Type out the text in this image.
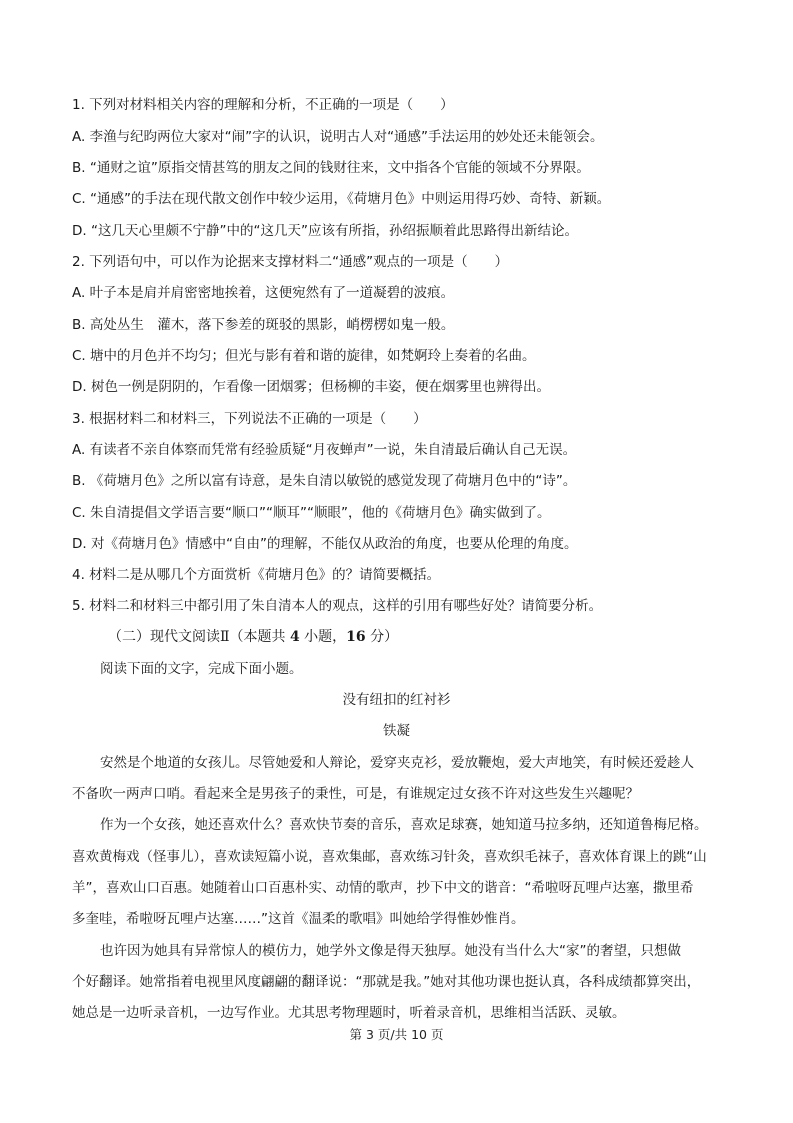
1. 下列对材料相关内容的理解和分析，不正确的一项是（　　）
A. 李渔与纪昀两位大家对“闹”字的认识，说明古人对“通感”手法运用的妙处还未能领会。
B. “通财之谊”原指交情甚笃的朋友之间的钱财往来，文中指各个官能的领域不分界限。
C. “通感”的手法在现代散文创作中较少运用，《荷塘月色》中则运用得巧妙、奇特、新颖。
D. “这几天心里颇不宁静”中的“这几天”应该有所指，孙绍振顺着此思路得出新结论。
2. 下列语句中，可以作为论据来支撑材料二“通感”观点的一项是（　　）
A. 叶子本是肩并肩密密地挨着，这便宛然有了一道凝碧的波痕。
B. 高处丛生　灌木，落下参差的斑驳的黑影，峭楞楞如鬼一般。
C. 塘中的月色并不均匀；但光与影有着和谐的旋律，如梵婀玲上奏着的名曲。
D. 树色一例是阴阴的，乍看像一团烟雾；但杨柳的丰姿，便在烟雾里也辨得出。
3. 根据材料二和材料三，下列说法不正确的一项是（　　）
A. 有读者不亲自体察而凭常有经验质疑“月夜蝉声”一说，朱自清最后确认自己无误。
B. 《荷塘月色》之所以富有诗意，是朱自清以敏锐的感觉发现了荷塘月色中的“诗”。
C. 朱自清提倡文学语言要“顺口”“顺耳”“顺眼”，他的《荷塘月色》确实做到了。
D. 对《荷塘月色》情感中“自由”的理解，不能仅从政治的角度，也要从伦理的角度。
4. 材料二是从哪几个方面赏析《荷塘月色》的？请简要概括。
5. 材料二和材料三中都引用了朱自清本人的观点，这样的引用有哪些好处？请简要分析。
（二）现代文阅读Ⅱ（本题共 4 小题，16 分）
阅读下面的文字，完成下面小题。
没有纽扣的红衬衫
铁凝
安然是个地道的女孩儿。尽管她爱和人辩论，爱穿夹克衫，爱放鞭炮，爱大声地笑，有时候还爱趁人
不备吹一两声口哨。看起来全是男孩子的秉性，可是，有谁规定过女孩不许对这些发生兴趣呢？
作为一个女孩，她还喜欢什么？喜欢快节奏的音乐，喜欢足球赛，她知道马拉多纳，还知道鲁梅尼格。
喜欢黄梅戏（怪事儿），喜欢读短篇小说，喜欢集邮，喜欢练习针灸，喜欢织毛袜子，喜欢体育课上的跳“山
羊”，喜欢山口百惠。她随着山口百惠朴实、动情的歌声，抄下中文的谐音：“希啦呀瓦哩卢达塞，撒里希
多奎哇，希啦呀瓦哩卢达塞……”这首《温柔的歌唱》叫她给学得惟妙惟肖。
也许因为她具有异常惊人的模仿力，她学外文像是得天独厚。她没有当什么大“家”的奢望，只想做
个好翻译。她常指着电视里风度翩翩的翻译说：“那就是我。”她对其他功课也挺认真，各科成绩都算突出，
她总是一边听录音机，一边写作业。尤其思考物理题时，听着录音机，思维相当活跃、灵敏。
第 3 页/共 10 页
